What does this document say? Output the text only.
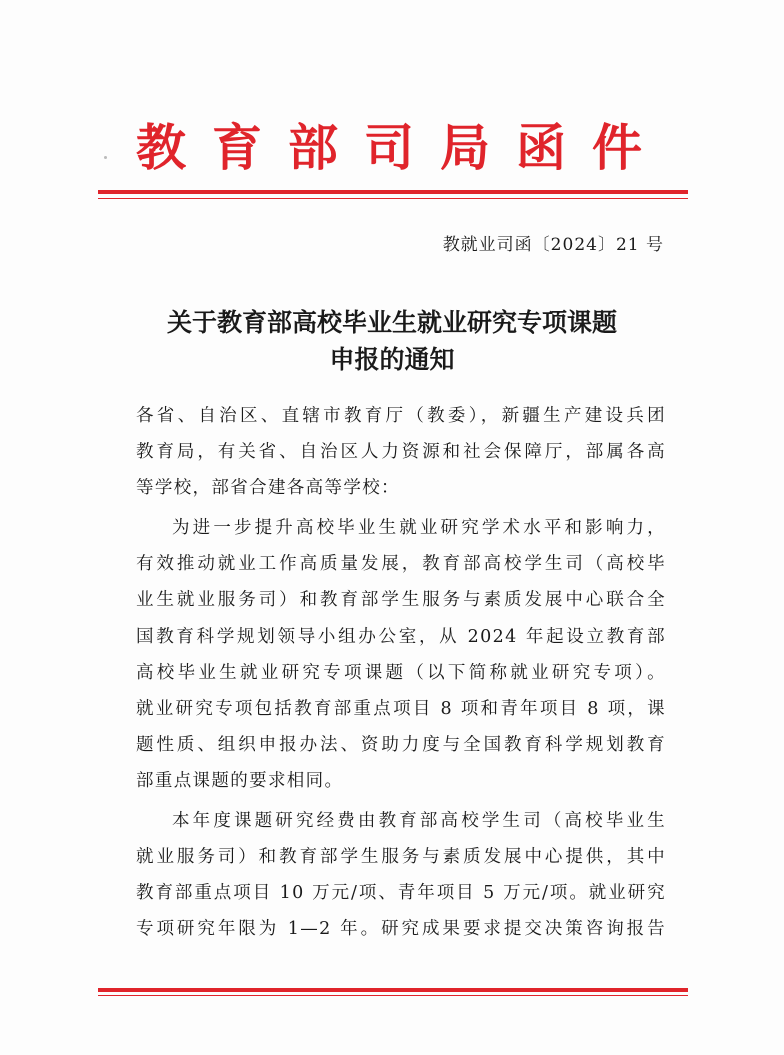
教育部司局函件
教就业司函〔2024〕21 号
关于教育部高校毕业生就业研究专项课题
申报的通知
各省、自治区、直辖市教育厅（教委），新疆生产建设兵团
教育局，有关省、自治区人力资源和社会保障厅，部属各高
等学校，部省合建各高等学校：
为进一步提升高校毕业生就业研究学术水平和影响力，
有效推动就业工作高质量发展，教育部高校学生司（高校毕
业生就业服务司）和教育部学生服务与素质发展中心联合全
国教育科学规划领导小组办公室，从 2024 年起设立教育部
高校毕业生就业研究专项课题（以下简称就业研究专项）。
就业研究专项包括教育部重点项目 8 项和青年项目 8 项，课
题性质、组织申报办法、资助力度与全国教育科学规划教育
部重点课题的要求相同。
本年度课题研究经费由教育部高校学生司（高校毕业生
就业服务司）和教育部学生服务与素质发展中心提供，其中
教育部重点项目 10 万元/项、青年项目 5 万元/项。就业研究
专项研究年限为 1—2 年。研究成果要求提交决策咨询报告
